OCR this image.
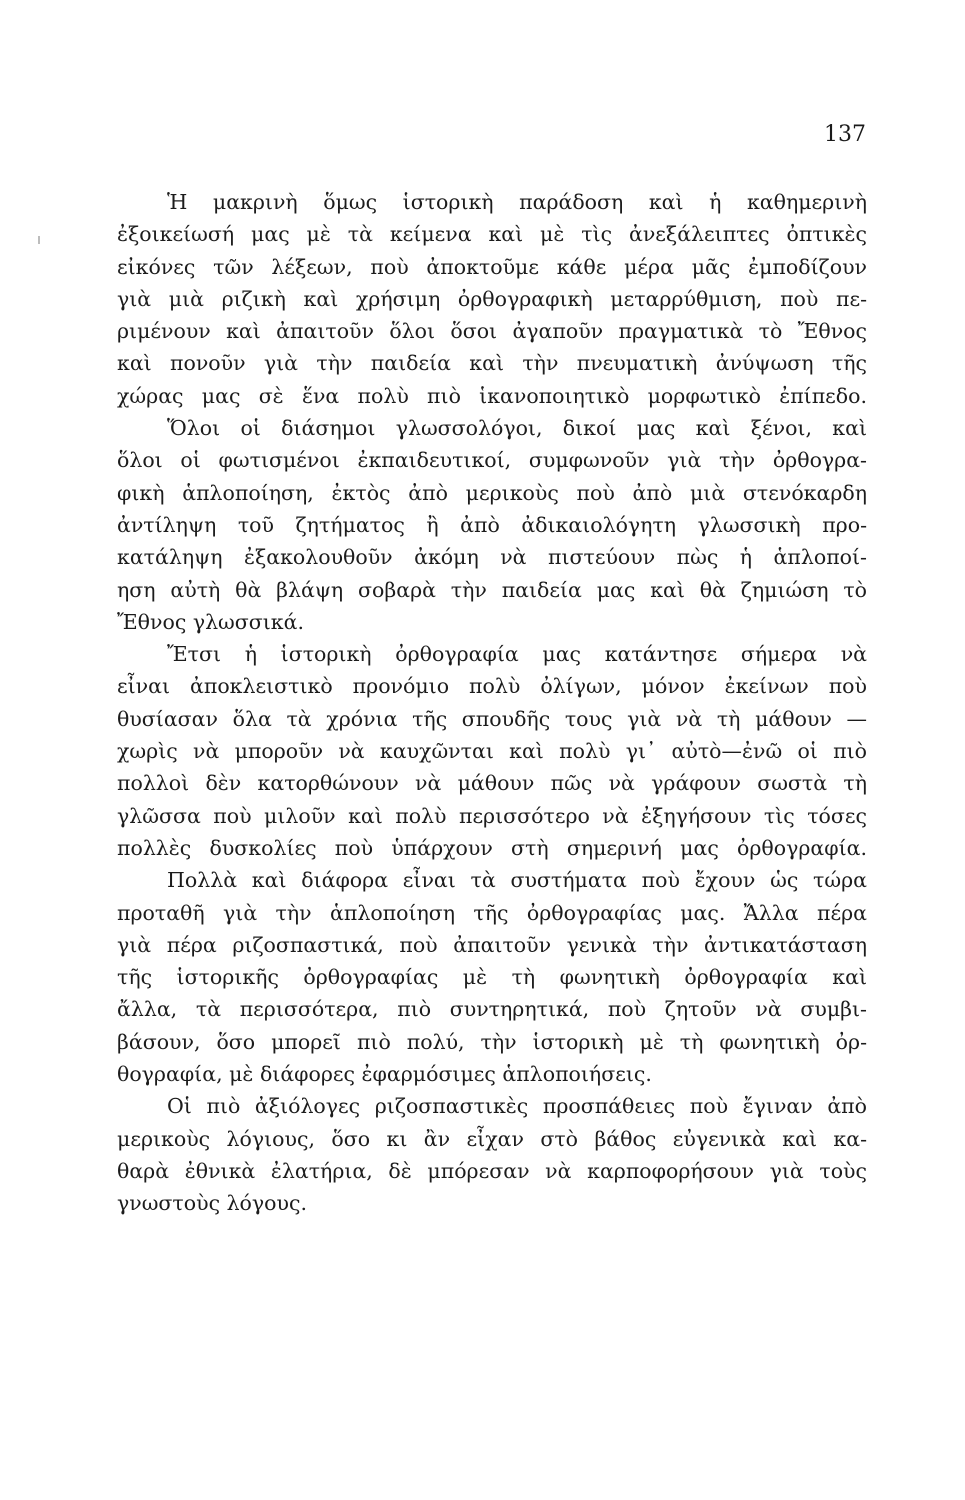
137
Ἡ μακρινὴ ὅμως ἱστορικὴ παράδοση καὶ ἡ καθημερινὴ
ἐξοικείωσή μας μὲ τὰ κείμενα καὶ μὲ τὶς ἀνεξάλειπτες ὀπτικὲς
εἰκόνες τῶν λέξεων, ποὺ ἀποκτοῦμε κάθε μέρα μᾶς ἐμποδίζουν
γιὰ μιὰ ριζικὴ καὶ χρήσιμη ὀρθογραφικὴ μεταρρύθμιση, ποὺ πε-
ριμένουν καὶ ἀπαιτοῦν ὅλοι ὅσοι ἀγαποῦν πραγματικὰ τὸ Ἔθνος
καὶ πονοῦν γιὰ τὴν παιδεία καὶ τὴν πνευματικὴ ἀνύψωση τῆς
χώρας μας σὲ ἕνα πολὺ πιὸ ἱκανοποιητικὸ μορφωτικὸ ἐπίπεδο.
Ὅλοι οἱ διάσημοι γλωσσολόγοι, δικοί μας καὶ ξένοι, καὶ
ὅλοι οἱ φωτισμένοι ἐκπαιδευτικοί, συμφωνοῦν γιὰ τὴν ὀρθογρα-
φικὴ ἁπλοποίηση, ἐκτὸς ἀπὸ μερικοὺς ποὺ ἀπὸ μιὰ στενόκαρδη
ἀντίληψη τοῦ ζητήματος ἢ ἀπὸ ἀδικαιολόγητη γλωσσικὴ προ-
κατάληψη ἐξακολουθοῦν ἀκόμη νὰ πιστεύουν πὼς ἡ ἁπλοποί-
ηση αὐτὴ θὰ βλάψη σοβαρὰ τὴν παιδεία μας καὶ θὰ ζημιώση τὸ
Ἔθνος γλωσσικά.
Ἔτσι ἡ ἱστορικὴ ὀρθογραφία μας κατάντησε σήμερα νὰ
εἶναι ἀποκλειστικὸ προνόμιο πολὺ ὀλίγων, μόνον ἐκείνων ποὺ
θυσίασαν ὅλα τὰ χρόνια τῆς σπουδῆς τους γιὰ νὰ τὴ μάθουν —
χωρὶς νὰ μποροῦν νὰ καυχῶνται καὶ πολὺ γι᾿ αὐτὸ—ἐνῶ οἱ πιὸ
πολλοὶ δὲν κατορθώνουν νὰ μάθουν πῶς νὰ γράφουν σωστὰ τὴ
γλῶσσα ποὺ μιλοῦν καὶ πολὺ περισσότερο νὰ ἐξηγήσουν τὶς τόσες
πολλὲς δυσκολίες ποὺ ὑπάρχουν στὴ σημερινή μας ὀρθογραφία.
Πολλὰ καὶ διάφορα εἶναι τὰ συστήματα ποὺ ἔχουν ὡς τώρα
προταθῆ γιὰ τὴν ἁπλοποίηση τῆς ὀρθογραφίας μας. Ἄλλα πέρα
γιὰ πέρα ριζοσπαστικά, ποὺ ἀπαιτοῦν γενικὰ τὴν ἀντικατάσταση
τῆς ἱστορικῆς ὀρθογραφίας μὲ τὴ φωνητικὴ ὀρθογραφία καὶ
ἄλλα, τὰ περισσότερα, πιὸ συντηρητικά, ποὺ ζητοῦν νὰ συμβι-
βάσουν, ὅσο μπορεῖ πιὸ πολύ, τὴν ἱστορικὴ μὲ τὴ φωνητικὴ ὀρ-
θογραφία, μὲ διάφορες ἐφαρμόσιμες ἁπλοποιήσεις.
Οἱ πιὸ ἀξιόλογες ριζοσπαστικὲς προσπάθειες ποὺ ἔγιναν ἀπὸ
μερικοὺς λόγιους, ὅσο κι ἂν εἶχαν στὸ βάθος εὐγενικὰ καὶ κα-
θαρὰ ἐθνικὰ ἐλατήρια, δὲ μπόρεσαν νὰ καρποφορήσουν γιὰ τοὺς
γνωστοὺς λόγους.
